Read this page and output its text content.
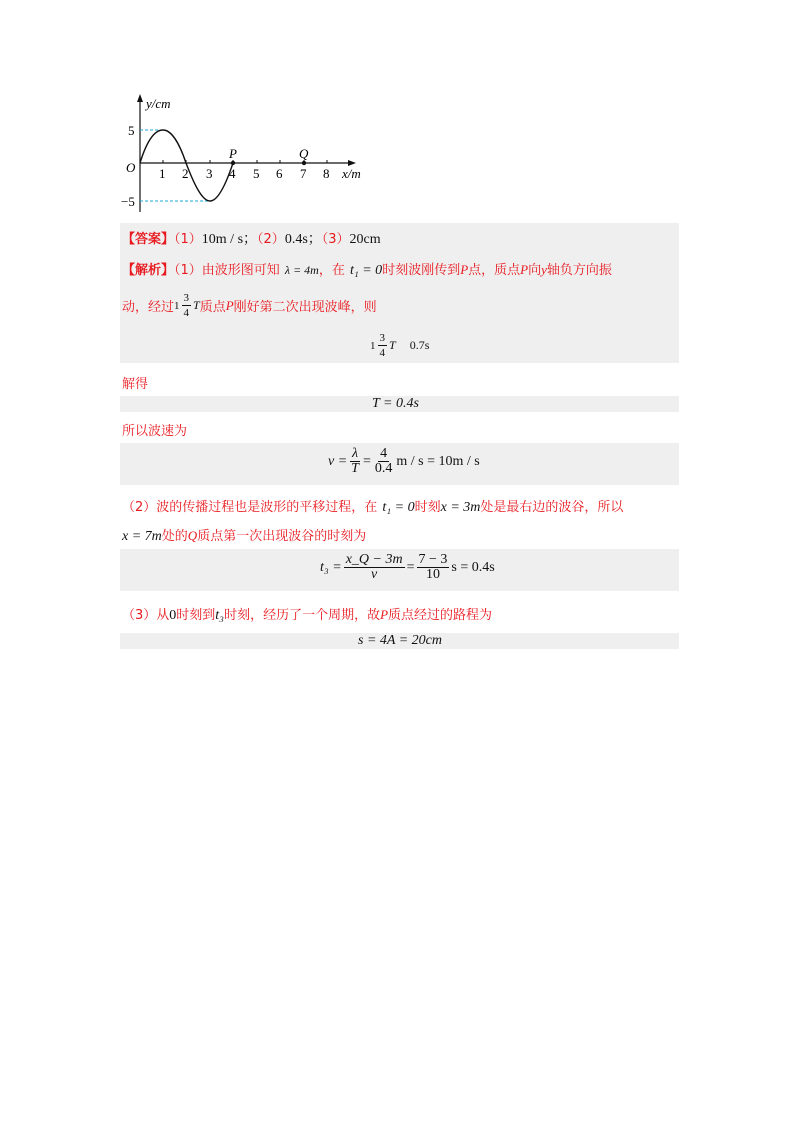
y/cm
x/m
O
5
−5
1 2 3 4 5 6 7 8
P	Q
【答案】（1）10m / s；（2）0.4s；（3）20cm
【解析】（1）由波形图可知 λ = 4m，在 t₁ = 0时刻波刚传到P点，质点P向y轴负方向振
动，经过 $1 \frac{3}{4}$ T 质点 P 刚好第二次出现波峰，则
$1 \frac{3}{4}$ T 0.7s
解得
T = 0.4s
所以波速为
$v = \frac{\lambda}{T} = \frac{4}{0.4}$ m / s = 10m / s
（2）波的传播过程也是波形的平移过程，在 t₁ = 0时刻x = 3m处是最右边的波谷，所以
x = 7m处的Q质点第一次出现波谷的时刻为
$t_3 = \frac{x\_Q - 3m}{v} = \frac{7 - 3}{10}$ s = 0.4s
（3）从0时刻到t₃时刻，经历了一个周期，故P质点经过的路程为
s = 4A = 20cm
